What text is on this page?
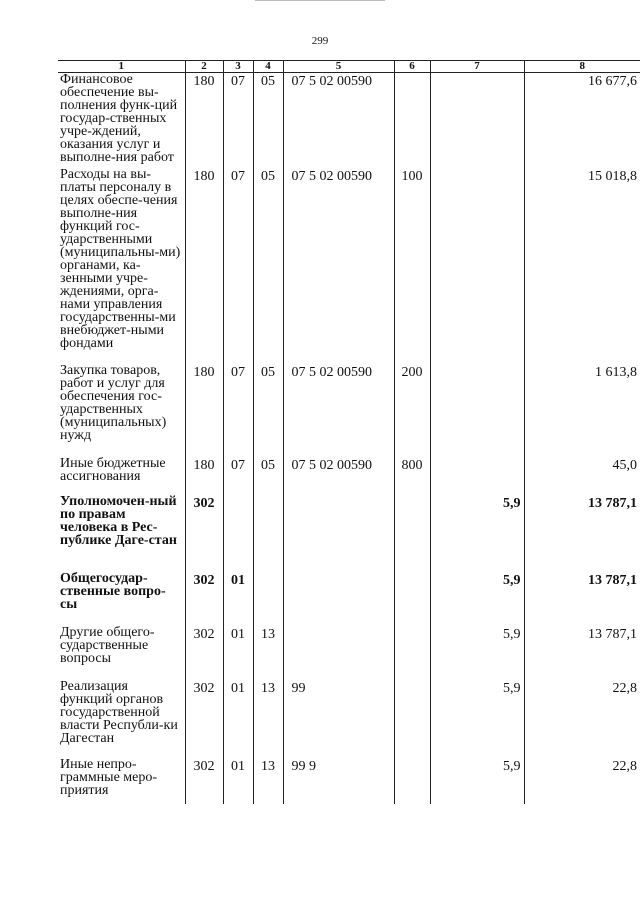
299
1	2	3	4	5	6	7	8
Финансовое обеспечение вы-полнения функ-ций государ-ственных учре-ждений, оказания услуг и выполне-ния работ	180	07	05	07 5 02 00590			16 677,6
Расходы на вы-платы персоналу в целях обеспе-чения выполне-ния функций гос-ударственными (муниципальны-ми) органами, ка-зенными учре-ждениями, орга-нами управления государственны-ми внебюджет-ными фондами	180	07	05	07 5 02 00590	100		15 018,8
Закупка товаров, работ и услуг для обеспечения гос-ударственных (муниципальных) нужд	180	07	05	07 5 02 00590	200		1 613,8
Иные бюджетные ассигнования	180	07	05	07 5 02 00590	800		45,0
Уполномочен-ный по правам человека в Рес-публике Даге-стан	302					5,9	13 787,1
Общегосудар-ственные вопро-сы	302	01				5,9	13 787,1
Другие общего-сударственные вопросы	302	01	13			5,9	13 787,1
Реализация функций органов государственной власти Республи-ки Дагестан	302	01	13	99		5,9	22,8
Иные непро-граммные меро-приятия	302	01	13	99 9		5,9	22,8
